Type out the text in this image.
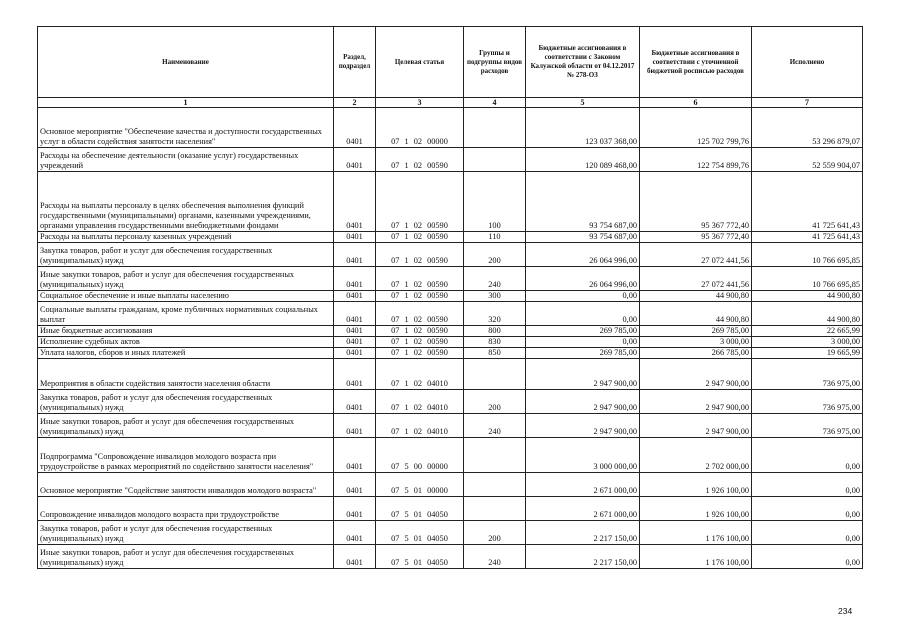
Наименование	Раздел, подраздел	Целевая статья	Группы и подгруппы видов расходов	Бюджетные ассигнования в соответствии с Законом Калужской области от 04.12.2017 № 278-ОЗ	Бюджетные ассигнования в соответствии с уточненной бюджетной росписью расходов	Исполнено
1	2	3	4	5	6	7
Основное мероприятие "Обеспечение качества и доступности государственных услуг в области содействия занятости населения"	0401	07 1 02 00000		123 037 368,00	125 702 799,76	53 296 879,07
Расходы на обеспечение деятельности (оказание услуг) государственных учреждений	0401	07 1 02 00590		120 089 468,00	122 754 899,76	52 559 904,07
Расходы на выплаты персоналу в целях обеспечения выполнения функций государственными (муниципальными) органами, казенными учреждениями, органами управления государственными внебюджетными фондами	0401	07 1 02 00590	100	93 754 687,00	95 367 772,40	41 725 641,43
Расходы на выплаты персоналу казенных учреждений	0401	07 1 02 00590	110	93 754 687,00	95 367 772,40	41 725 641,43
Закупка товаров, работ и услуг для обеспечения государственных (муниципальных) нужд	0401	07 1 02 00590	200	26 064 996,00	27 072 441,56	10 766 695,85
Иные закупки товаров, работ и услуг для обеспечения государственных (муниципальных) нужд	0401	07 1 02 00590	240	26 064 996,00	27 072 441,56	10 766 695,85
Социальное обеспечение и иные выплаты населению	0401	07 1 02 00590	300	0,00	44 900,80	44 900,80
Социальные выплаты гражданам, кроме публичных нормативных социальных выплат	0401	07 1 02 00590	320	0,00	44 900,80	44 900,80
Иные бюджетные ассигнования	0401	07 1 02 00590	800	269 785,00	269 785,00	22 665,99
Исполнение судебных актов	0401	07 1 02 00590	830	0,00	3 000,00	3 000,00
Уплата налогов, сборов и иных платежей	0401	07 1 02 00590	850	269 785,00	266 785,00	19 665,99
Мероприятия в области содействия занятости населения области	0401	07 1 02 04010		2 947 900,00	2 947 900,00	736 975,00
Закупка товаров, работ и услуг для обеспечения государственных (муниципальных) нужд	0401	07 1 02 04010	200	2 947 900,00	2 947 900,00	736 975,00
Иные закупки товаров, работ и услуг для обеспечения государственных (муниципальных) нужд	0401	07 1 02 04010	240	2 947 900,00	2 947 900,00	736 975,00
Подпрограмма "Сопровождение инвалидов молодого возраста при трудоустройстве в рамках мероприятий по содействию занятости населения"	0401	07 5 00 00000		3 000 000,00	2 702 000,00	0,00
Основное мероприятие "Содействие занятости инвалидов молодого возраста"	0401	07 5 01 00000		2 671 000,00	1 926 100,00	0,00
Сопровождение инвалидов молодого возраста при трудоустройстве	0401	07 5 01 04050		2 671 000,00	1 926 100,00	0,00
Закупка товаров, работ и услуг для обеспечения государственных (муниципальных) нужд	0401	07 5 01 04050	200	2 217 150,00	1 176 100,00	0,00
Иные закупки товаров, работ и услуг для обеспечения государственных (муниципальных) нужд	0401	07 5 01 04050	240	2 217 150,00	1 176 100,00	0,00
234
